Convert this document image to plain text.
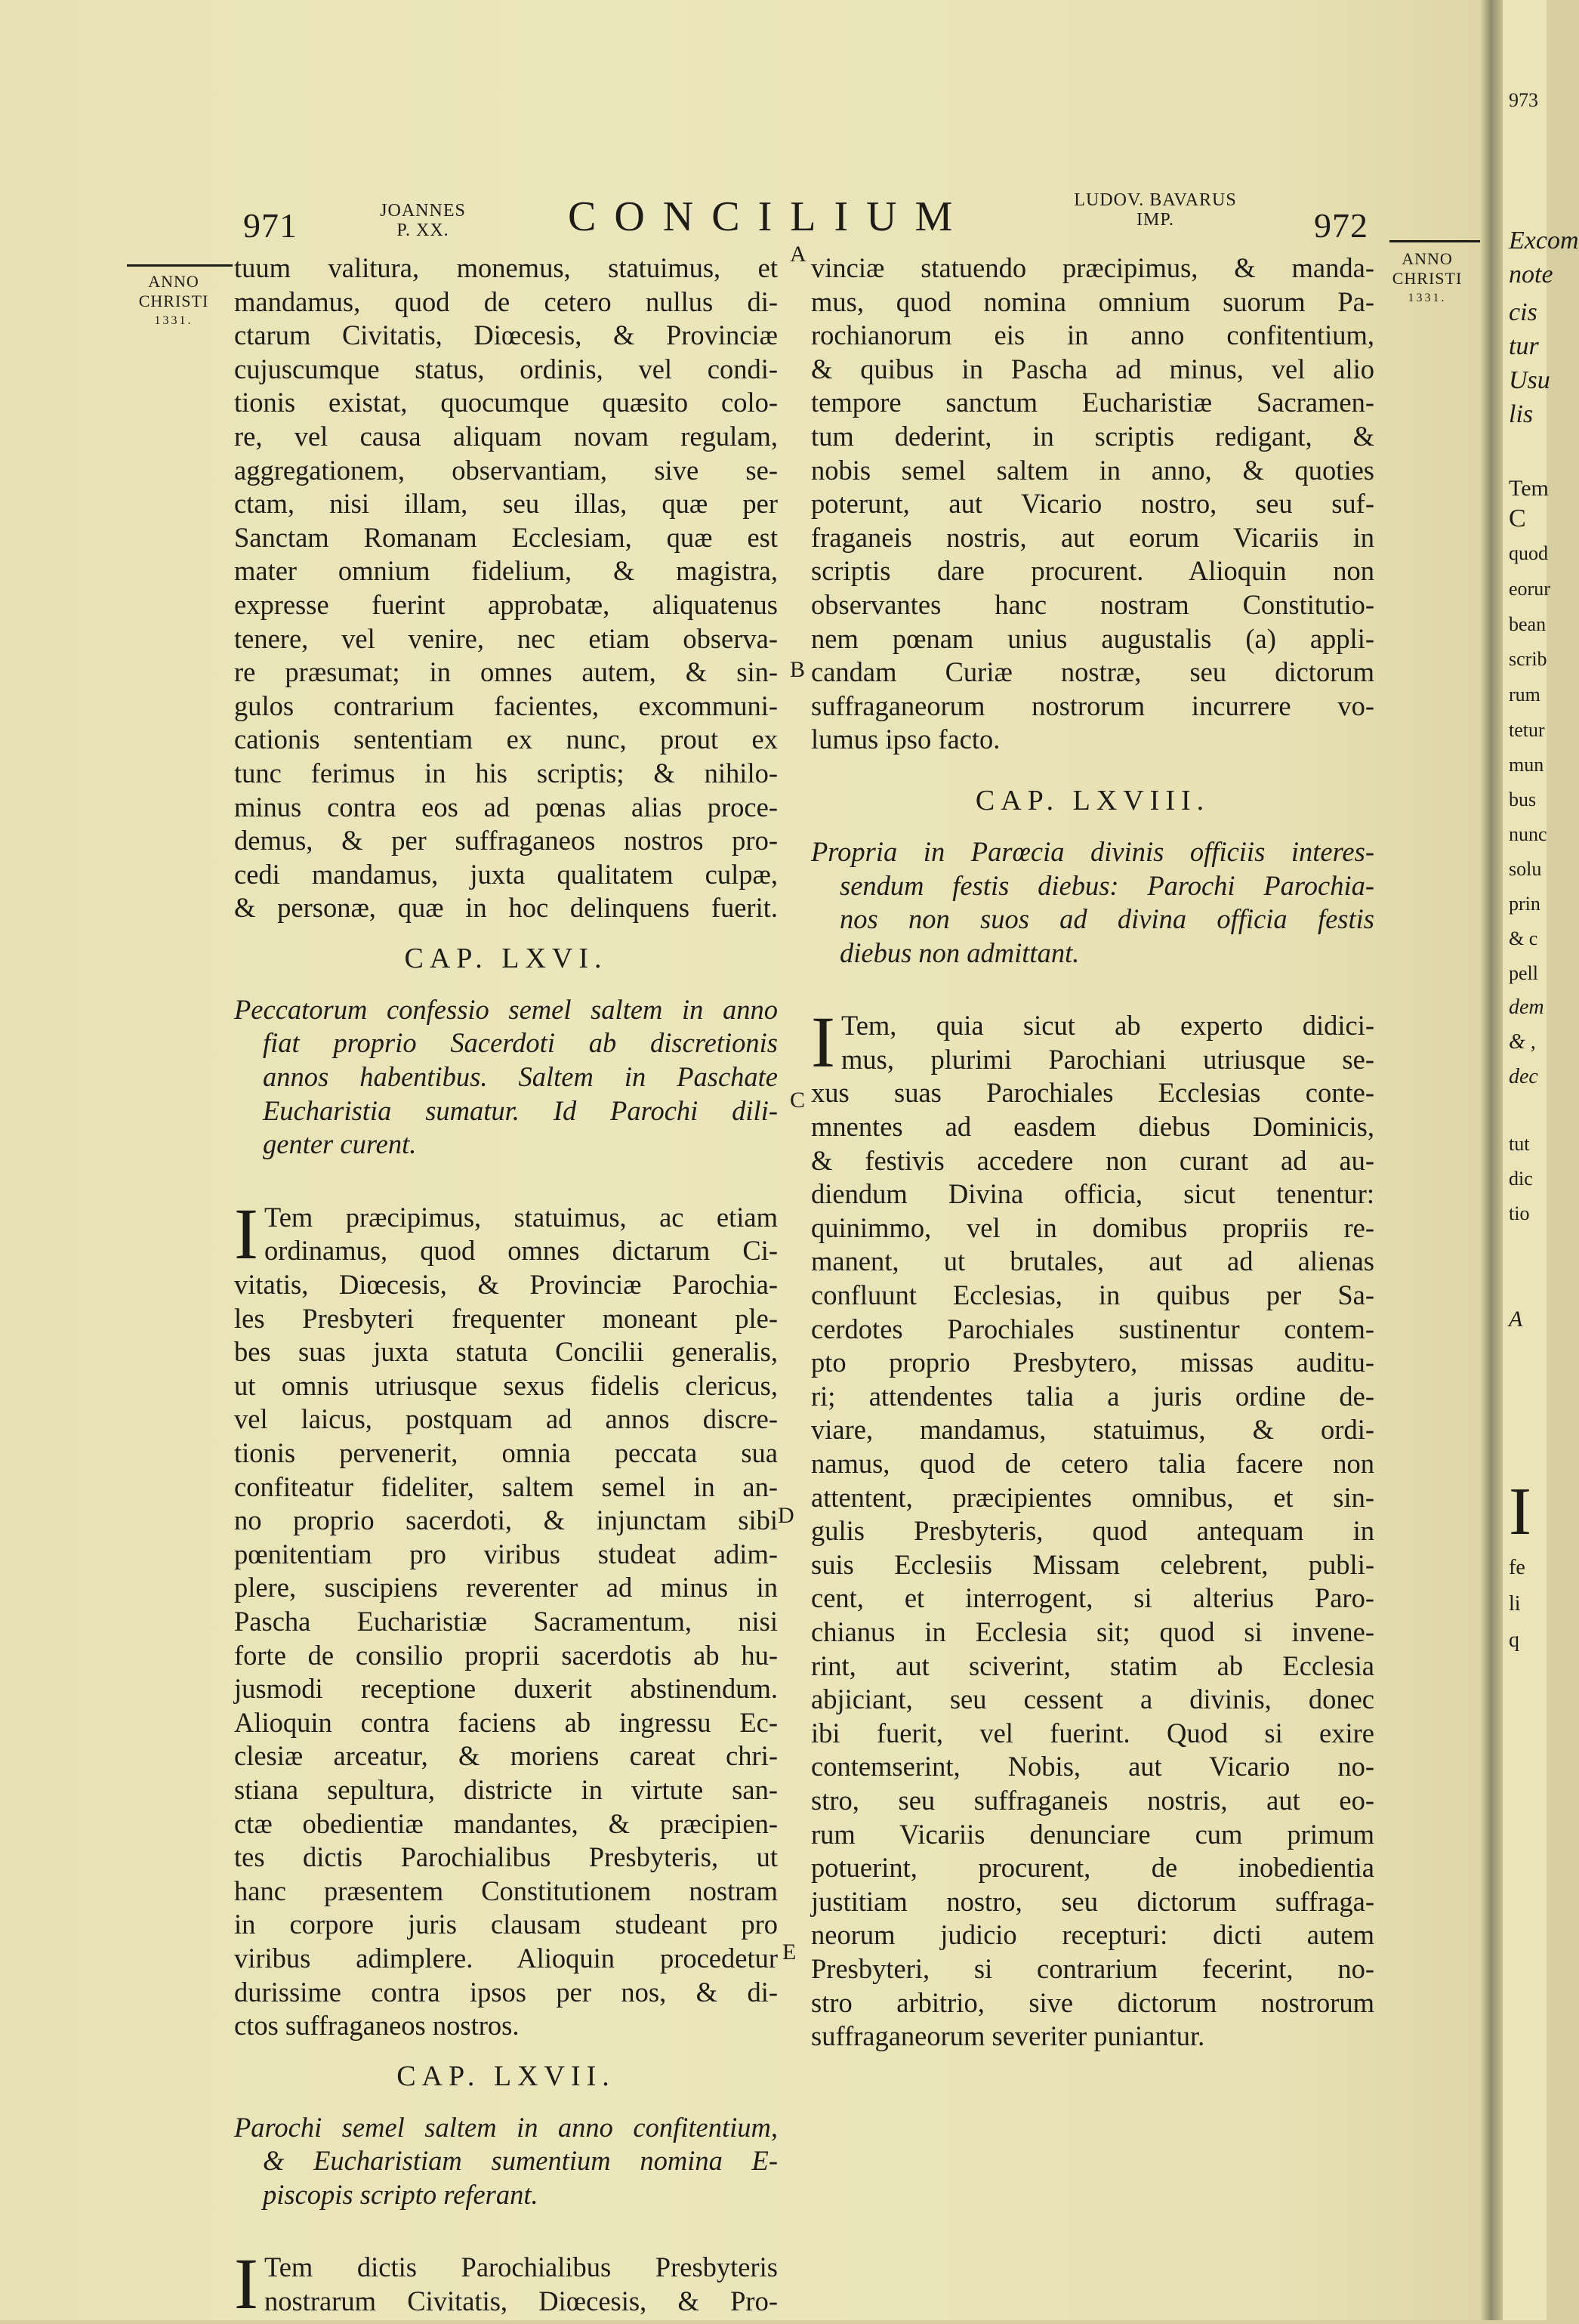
973
Excom
note
cis
tur
Usu
lis
Tem
C
quod
eorur
bean
scrib
rum
tetur
mun
bus
nunc
solu
prin
& c
pell
dem
& ,
dec
tut
dic
tio
A
I
fe
li
q
971	JOANNES
P. XX.	CONCILIUM	LUDOV. BAVARUS
IMP.	972
ANNO
CHRISTI
1331.
ANNO
CHRISTI
1331.
A
B
C
D
E
tuum valitura, monemus, statuimus, et
mandamus, quod de cetero nullus di-
ctarum Civitatis, Diœcesis, & Provinciæ
cujuscumque status, ordinis, vel condi-
tionis existat, quocumque quæsito colo-
re, vel causa aliquam novam regulam,
aggregationem, observantiam, sive se-
ctam, nisi illam, seu illas, quæ per
Sanctam Romanam Ecclesiam, quæ est
mater omnium fidelium, & magistra,
expresse fuerint approbatæ, aliquatenus
tenere, vel venire, nec etiam observa-
re præsumat; in omnes autem, & sin-
gulos contrarium facientes, excommuni-
cationis sententiam ex nunc, prout ex
tunc ferimus in his scriptis; & nihilo-
minus contra eos ad pœnas alias proce-
demus, & per suffraganeos nostros pro-
cedi mandamus, juxta qualitatem culpæ,
& personæ, quæ in hoc delinquens fuerit.
CAP. LXVI.
Peccatorum confessio semel saltem in anno
fiat proprio Sacerdoti ab discretionis
annos habentibus. Saltem in Paschate
Eucharistia sumatur. Id Parochi dili-
genter curent.
I Tem præcipimus, statuimus, ac etiam
ordinamus, quod omnes dictarum Ci-
vitatis, Diœcesis, & Provinciæ Parochia-
les Presbyteri frequenter moneant ple-
bes suas juxta statuta Concilii generalis,
ut omnis utriusque sexus fidelis clericus,
vel laicus, postquam ad annos discre-
tionis pervenerit, omnia peccata sua
confiteatur fideliter, saltem semel in an-
no proprio sacerdoti, & injunctam sibi
pœnitentiam pro viribus studeat adim-
plere, suscipiens reverenter ad minus in
Pascha Eucharistiæ Sacramentum, nisi
forte de consilio proprii sacerdotis ab hu-
jusmodi receptione duxerit abstinendum.
Alioquin contra faciens ab ingressu Ec-
clesiæ arceatur, & moriens careat chri-
stiana sepultura, districte in virtute san-
ctæ obedientiæ mandantes, & præcipien-
tes dictis Parochialibus Presbyteris, ut
hanc præsentem Constitutionem nostram
in corpore juris clausam studeant pro
viribus adimplere. Alioquin procedetur
durissime contra ipsos per nos, & di-
ctos suffraganeos nostros.
CAP. LXVII.
Parochi semel saltem in anno confitentium,
& Eucharistiam sumentium nomina E-
piscopis scripto referant.
I Tem dictis Parochialibus Presbyteris
nostrarum Civitatis, Diœcesis, & Pro-
vinciæ statuendo præcipimus, & manda-
mus, quod nomina omnium suorum Pa-
rochianorum eis in anno confitentium,
& quibus in Pascha ad minus, vel alio
tempore sanctum Eucharistiæ Sacramen-
tum dederint, in scriptis redigant, &
nobis semel saltem in anno, & quoties
poterunt, aut Vicario nostro, seu suf-
fraganeis nostris, aut eorum Vicariis in
scriptis dare procurent. Alioquin non
observantes hanc nostram Constitutio-
nem pœnam unius augustalis (a) appli-
candam Curiæ nostræ, seu dictorum
suffraganeorum nostrorum incurrere vo-
lumus ipso facto.
CAP. LXVIII.
Propria in Parœcia divinis officiis interes-
sendum festis diebus: Parochi Parochia-
nos non suos ad divina officia festis
diebus non admittant.
I Tem, quia sicut ab experto didici-
mus, plurimi Parochiani utriusque se-
xus suas Parochiales Ecclesias conte-
mnentes ad easdem diebus Dominicis,
& festivis accedere non curant ad au-
diendum Divina officia, sicut tenentur:
quinimmo, vel in domibus propriis re-
manent, ut brutales, aut ad alienas
confluunt Ecclesias, in quibus per Sa-
cerdotes Parochiales sustinentur contem-
pto proprio Presbytero, missas auditu-
ri; attendentes talia a juris ordine de-
viare, mandamus, statuimus, & ordi-
namus, quod de cetero talia facere non
attentent, præcipientes omnibus, et sin-
gulis Presbyteris, quod antequam in
suis Ecclesiis Missam celebrent, publi-
cent, et interrogent, si alterius Paro-
chianus in Ecclesia sit; quod si invene-
rint, aut sciverint, statim ab Ecclesia
abjiciant, seu cessent a divinis, donec
ibi fuerit, vel fuerint. Quod si exire
contemserint, Nobis, aut Vicario no-
stro, seu suffraganeis nostris, aut eo-
rum Vicariis denunciare cum primum
potuerint, procurent, de inobedientia
justitiam nostro, seu dictorum suffraga-
neorum judicio recepturi: dicti autem
Presbyteri, si contrarium fecerint, no-
stro arbitrio, sive dictorum nostrorum
suffraganeorum severiter puniantur.
